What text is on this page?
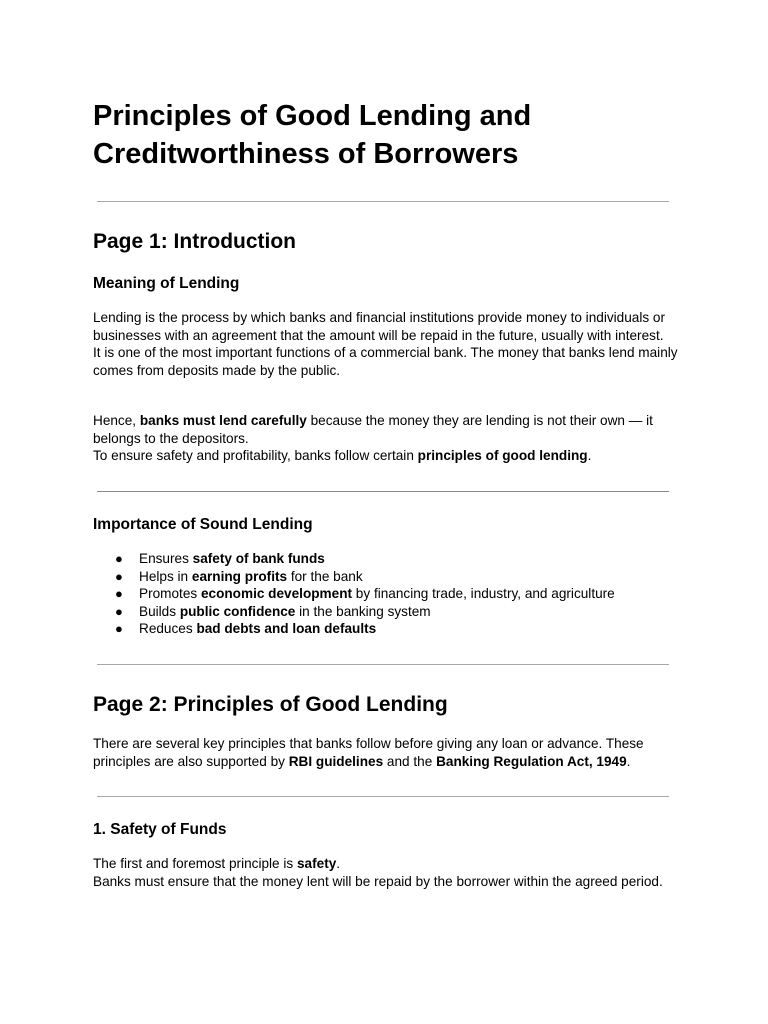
Principles of Good Lending and Creditworthiness of Borrowers
Page 1: Introduction
Meaning of Lending

Lending is the process by which banks and financial institutions provide money to individuals or businesses with an agreement that the amount will be repaid in the future, usually with interest.
It is one of the most important functions of a commercial bank. The money that banks lend mainly comes from deposits made by the public.

Hence, banks must lend carefully because the money they are lending is not their own — it belongs to the depositors.
To ensure safety and profitability, banks follow certain principles of good lending.

Importance of Sound Lending
● Ensures safety of bank funds
● Helps in earning profits for the bank
● Promotes economic development by financing trade, industry, and agriculture
● Builds public confidence in the banking system
● Reduces bad debts and loan defaults
Page 2: Principles of Good Lending

There are several key principles that banks follow before giving any loan or advance. These principles are also supported by RBI guidelines and the Banking Regulation Act, 1949.

1. Safety of Funds

The first and foremost principle is safety.
Banks must ensure that the money lent will be repaid by the borrower within the agreed period.
